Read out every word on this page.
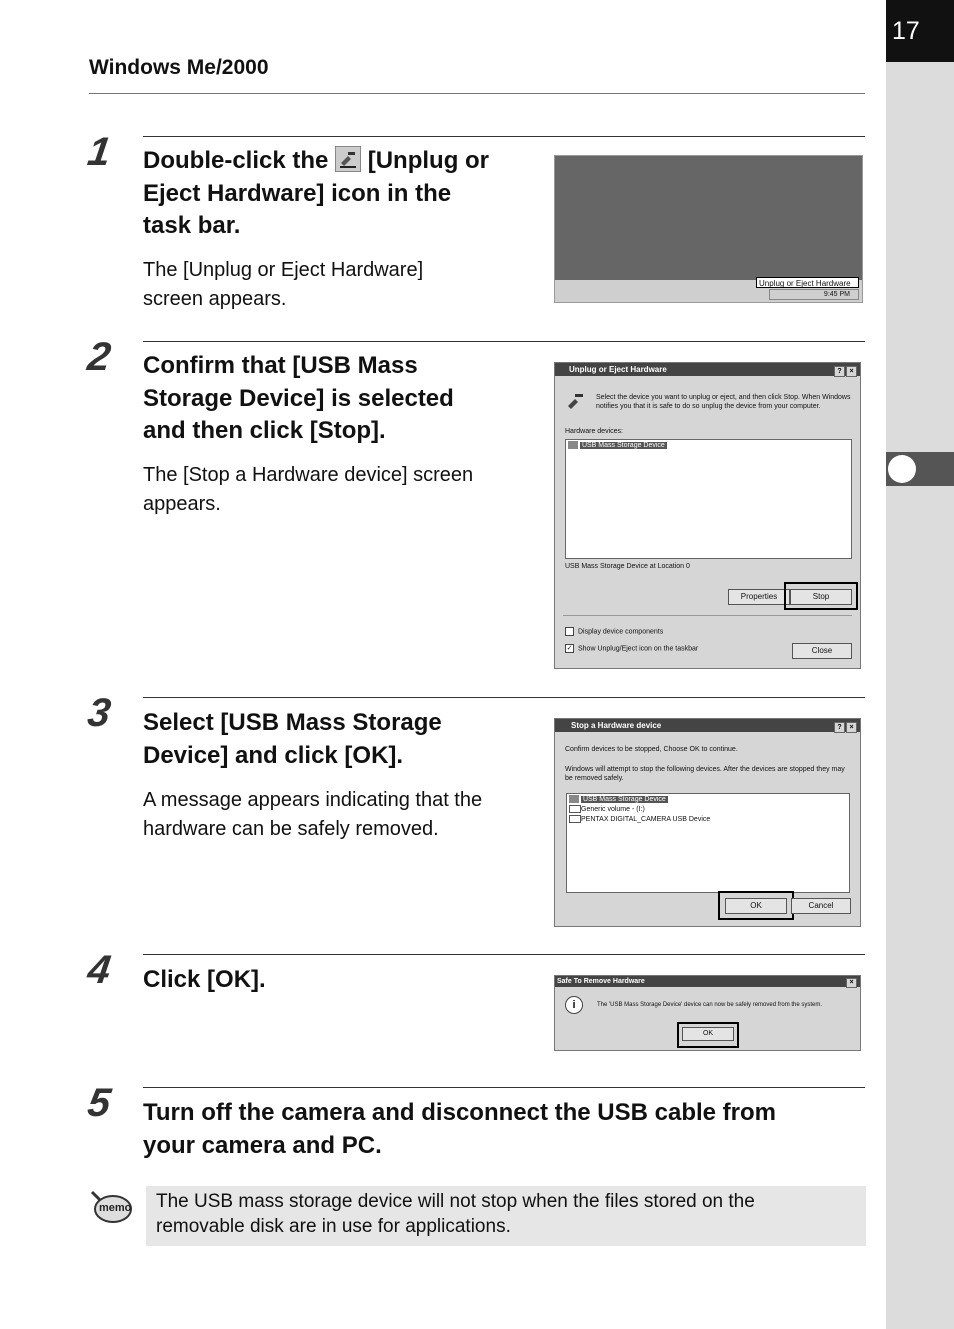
17
Windows Me/2000
1 Double-click the [Unplug or
Eject Hardware] icon in the
task bar.
The [Unplug or Eject Hardware]
screen appears.
Unplug or Eject Hardware
9:45 PM
2 Confirm that [USB Mass
Storage Device] is selected
and then click [Stop].
The [Stop a Hardware device] screen
appears.
Unplug or Eject Hardware	? ×
Select the device you want to unplug or eject, and then click Stop. When Windows notifies you that it is safe to do so unplug the device from your computer.
Hardware devices:
USB Mass Storage Device
USB Mass Storage Device at Location 0
Properties	Stop
Display device components
✓ Show Unplug/Eject icon on the taskbar	Close
3 Select [USB Mass Storage
Device] and click [OK].
A message appears indicating that the
hardware can be safely removed.
Stop a Hardware device	? ×
Confirm devices to be stopped, Choose OK to continue.
Windows will attempt to stop the following devices. After the devices are stopped they may be removed safely.
USB Mass Storage Device
Generic volume - (I:)
PENTAX DIGITAL_CAMERA USB Device
OK	Cancel
4 Click [OK].	Safe To Remove Hardware	×
i	The 'USB Mass Storage Device' device can now be safely removed from the system.
OK
5 Turn off the camera and disconnect the USB cable from
your camera and PC.
memo	The USB mass storage device will not stop when the files stored on the
removable disk are in use for applications.
